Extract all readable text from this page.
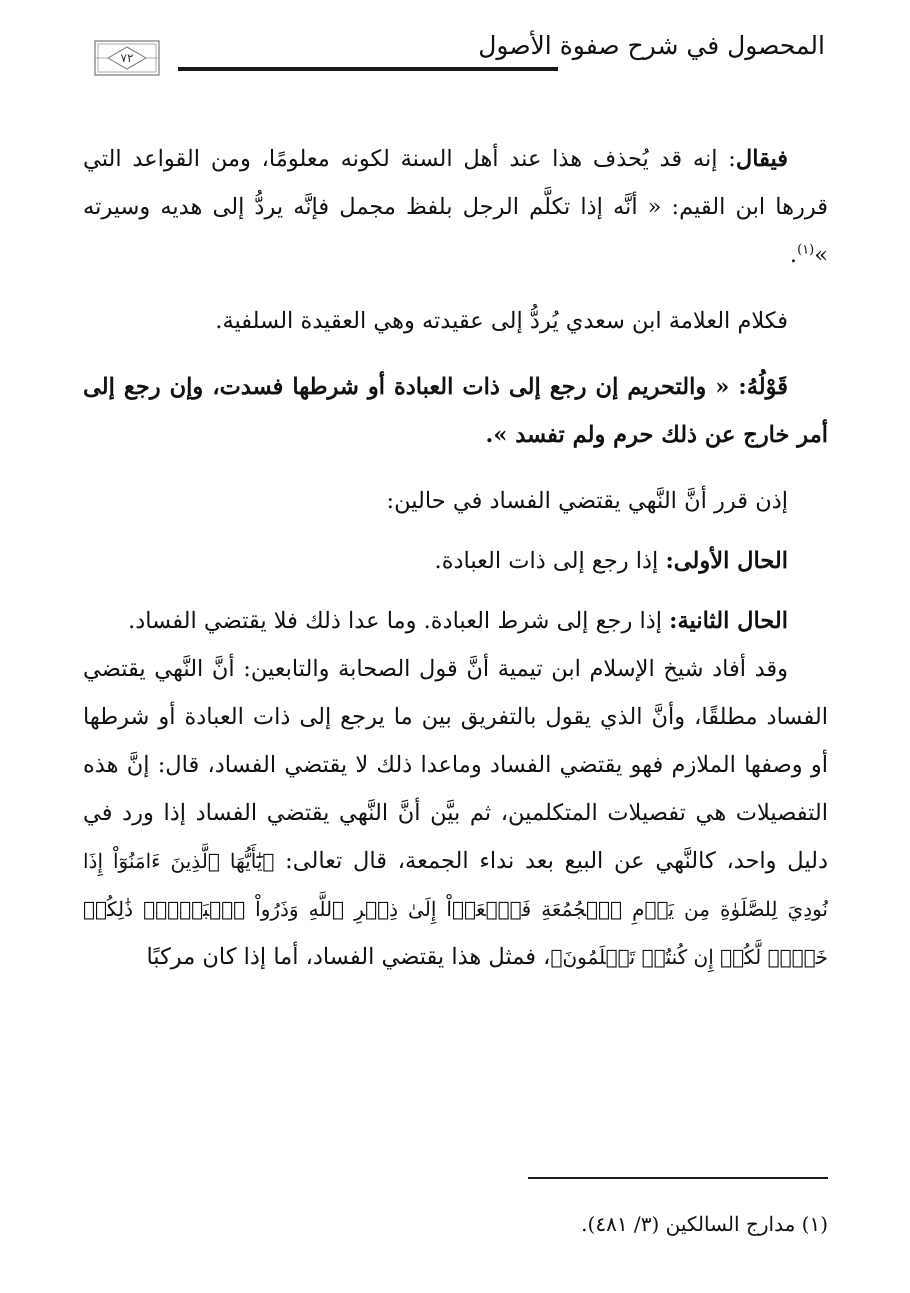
المحصول في شرح صفوة الأصول
٧٢

فيقال: إنه قد يُحذف هذا عند أهل السنة لكونه معلومًا، ومن القواعد التي قررها ابن القيم: « أنَّه إذا تكلَّم الرجل بلفظ مجمل فإنَّه يردُّ إلى هديه وسيرته »$^{(١)}$.

فكلام العلامة ابن سعدي يُردُّ إلى عقيدته وهي العقيدة السلفية.

قَوْلُهُ: « والتحريم إن رجع إلى ذات العبادة أو شرطها فسدت، وإن رجع إلى أمر خارج عن ذلك حرم ولم تفسد ».

إذن قرر أنَّ النَّهي يقتضي الفساد في حالين:

الحال الأولى: إذا رجع إلى ذات العبادة.

الحال الثانية: إذا رجع إلى شرط العبادة. وما عدا ذلك فلا يقتضي الفساد.

وقد أفاد شيخ الإسلام ابن تيمية أنَّ قول الصحابة والتابعين: أنَّ النَّهي يقتضي الفساد مطلقًا، وأنَّ الذي يقول بالتفريق بين ما يرجع إلى ذات العبادة أو شرطها أو وصفها الملازم فهو يقتضي الفساد وماعدا ذلك لا يقتضي الفساد، قال: إنَّ هذه التفصيلات هي تفصيلات المتكلمين، ثم بيَّن أنَّ النَّهي يقتضي الفساد إذا ورد في دليل واحد، كالنَّهي عن البيع بعد نداء الجمعة، قال تعالى: ﴿يَٰٓأَيُّهَا ٱلَّذِينَ ءَامَنُوٓاْ إِذَا نُودِيَ لِلصَّلَوٰةِ مِن يَوۡمِ ٱلۡجُمُعَةِ فَٱسۡعَوۡاْ إِلَىٰ ذِكۡرِ ٱللَّهِ وَذَرُواْ ٱلۡبَيۡعَۚ ذَٰلِكُمۡ خَيۡرٞ لَّكُمۡ إِن كُنتُمۡ تَعۡلَمُونَ﴾، فمثل هذا يقتضي الفساد، أما إذا كان مركبًا

(١) مدارج السالكين (٣/ ٤٨١).
